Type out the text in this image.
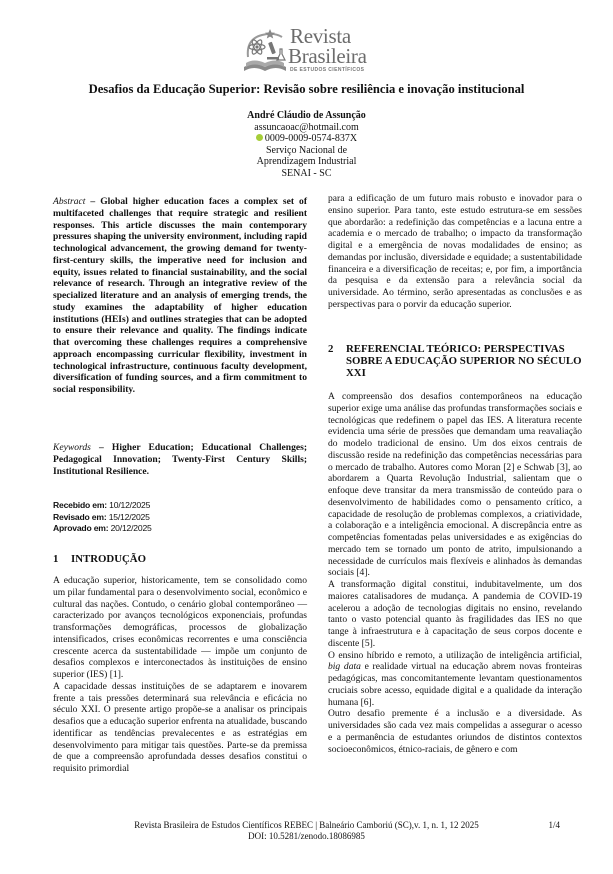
Revista
Brasileira
DE ESTUDOS CIENTÍFICOS
Desafios da Educação Superior: Revisão sobre resiliência e inovação institucional
André Cláudio de Assunção
assuncaoac@hotmail.com
0009-0009-0574-837X
Serviço Nacional de
Aprendizagem Industrial
SENAI - SC
Abstract – Global higher education faces a complex set of multifaceted challenges that require strategic and resilient responses. This article discusses the main contemporary pressures shaping the university environment, including rapid technological advancement, the growing demand for twenty-first-century skills, the imperative need for inclusion and equity, issues related to financial sustainability, and the social relevance of research. Through an integrative review of the specialized literature and an analysis of emerging trends, the study examines the adaptability of higher education institutions (HEIs) and outlines strategies that can be adopted to ensure their relevance and quality. The findings indicate that overcoming these challenges requires a comprehensive approach encompassing curricular flexibility, investment in technological infrastructure, continuous faculty development, diversification of funding sources, and a firm commitment to social responsibility.
Keywords – Higher Education; Educational Challenges; Pedagogical Innovation; Twenty-First Century Skills; Institutional Resilience.
Recebido em: 10/12/2025
Revisado em: 15/12/2025
Aprovado em: 20/12/2025
1 INTRODUÇÃO

A educação superior, historicamente, tem se consolidado como um pilar fundamental para o desenvolvimento social, econômico e cultural das nações. Contudo, o cenário global contemporâneo — caracterizado por avanços tecnológicos exponenciais, profundas transformações demográficas, processos de globalização intensificados, crises econômicas recorrentes e uma consciência crescente acerca da sustentabilidade — impõe um conjunto de desafios complexos e interconectados às instituições de ensino superior (IES) [1].

A capacidade dessas instituições de se adaptarem e inovarem frente a tais pressões determinará sua relevância e eficácia no século XXI. O presente artigo propõe-se a analisar os principais desafios que a educação superior enfrenta na atualidade, buscando identificar as tendências prevalecentes e as estratégias em desenvolvimento para mitigar tais questões. Parte-se da premissa de que a compreensão aprofundada desses desafios constitui o requisito primordial

para a edificação de um futuro mais robusto e inovador para o ensino superior. Para tanto, este estudo estrutura-se em sessões que abordarão: a redefinição das competências e a lacuna entre a academia e o mercado de trabalho; o impacto da transformação digital e a emergência de novas modalidades de ensino; as demandas por inclusão, diversidade e equidade; a sustentabilidade financeira e a diversificação de receitas; e, por fim, a importância da pesquisa e da extensão para a relevância social da universidade. Ao término, serão apresentadas as conclusões e as perspectivas para o porvir da educação superior.
2	REFERENCIAL TEÓRICO: PERSPECTIVAS SOBRE A EDUCAÇÃO SUPERIOR NO SÉCULO XXI

A compreensão dos desafios contemporâneos na educação superior exige uma análise das profundas transformações sociais e tecnológicas que redefinem o papel das IES. A literatura recente evidencia uma série de pressões que demandam uma reavaliação do modelo tradicional de ensino. Um dos eixos centrais de discussão reside na redefinição das competências necessárias para o mercado de trabalho. Autores como Moran [2] e Schwab [3], ao abordarem a Quarta Revolução Industrial, salientam que o enfoque deve transitar da mera transmissão de conteúdo para o desenvolvimento de habilidades como o pensamento crítico, a capacidade de resolução de problemas complexos, a criatividade, a colaboração e a inteligência emocional. A discrepância entre as competências fomentadas pelas universidades e as exigências do mercado tem se tornado um ponto de atrito, impulsionando a necessidade de currículos mais flexíveis e alinhados às demandas sociais [4].

A transformação digital constitui, indubitavelmente, um dos maiores catalisadores de mudança. A pandemia de COVID-19 acelerou a adoção de tecnologias digitais no ensino, revelando tanto o vasto potencial quanto às fragilidades das IES no que tange à infraestrutura e à capacitação de seus corpos docente e discente [5].

O ensino híbrido e remoto, a utilização de inteligência artificial, big data e realidade virtual na educação abrem novas fronteiras pedagógicas, mas concomitantemente levantam questionamentos cruciais sobre acesso, equidade digital e a qualidade da interação humana [6].

Outro desafio premente é a inclusão e a diversidade. As universidades são cada vez mais compelidas a assegurar o acesso e a permanência de estudantes oriundos de distintos contextos socioeconômicos, étnico-raciais, de gênero e com

Revista Brasileira de Estudos Científicos REBEC | Balneário Camboriú (SC),v. 1, n. 1, 12 2025
DOI: 10.5281/zenodo.18086985
1/4
